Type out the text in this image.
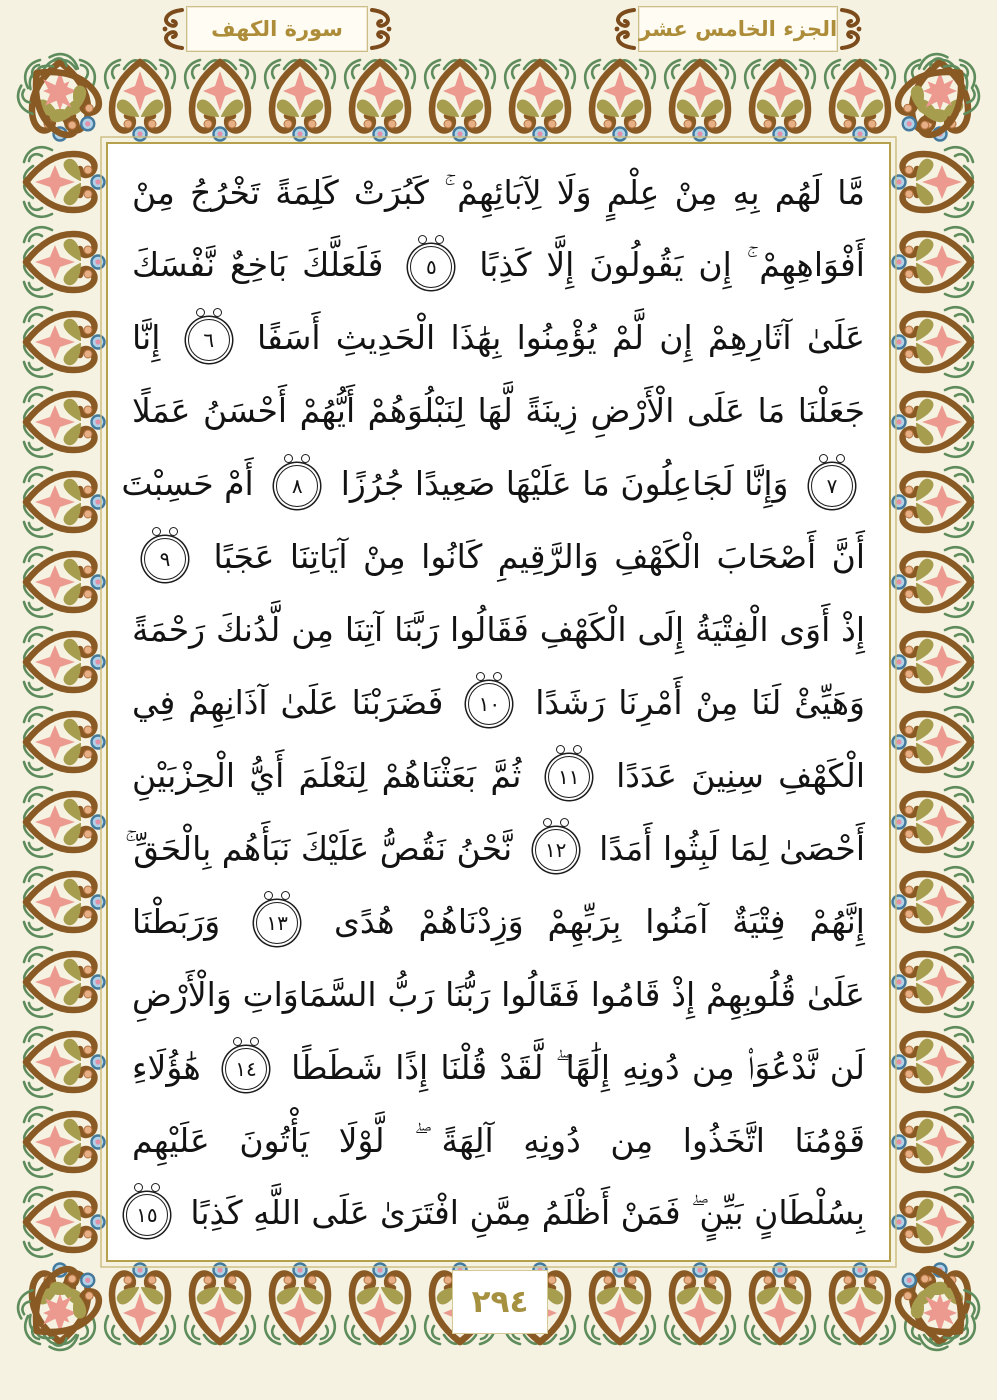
سورة الكهف	الجزء الخامس عشر
مَّا لَهُم بِهِ مِنْ عِلْمٍ وَلَا لِآبَائِهِمْ ۚ كَبُرَتْ كَلِمَةً تَخْرُجُ مِنْ
أَفْوَاهِهِمْ ۚ إِن يَقُولُونَ إِلَّا كَذِبًا ٥ فَلَعَلَّكَ بَاخِعٌ نَّفْسَكَ
عَلَىٰ آثَارِهِمْ إِن لَّمْ يُؤْمِنُوا بِهَٰذَا الْحَدِيثِ أَسَفًا ٦ إِنَّا
جَعَلْنَا مَا عَلَى الْأَرْضِ زِينَةً لَّهَا لِنَبْلُوَهُمْ أَيُّهُمْ أَحْسَنُ عَمَلًا
٧ وَإِنَّا لَجَاعِلُونَ مَا عَلَيْهَا صَعِيدًا جُرُزًا ٨ أَمْ حَسِبْتَ
أَنَّ أَصْحَابَ الْكَهْفِ وَالرَّقِيمِ كَانُوا مِنْ آيَاتِنَا عَجَبًا ٩
إِذْ أَوَى الْفِتْيَةُ إِلَى الْكَهْفِ فَقَالُوا رَبَّنَا آتِنَا مِن لَّدُنكَ رَحْمَةً
وَهَيِّئْ لَنَا مِنْ أَمْرِنَا رَشَدًا ١٠ فَضَرَبْنَا عَلَىٰ آذَانِهِمْ فِي
الْكَهْفِ سِنِينَ عَدَدًا ١١ ثُمَّ بَعَثْنَاهُمْ لِنَعْلَمَ أَيُّ الْحِزْبَيْنِ
أَحْصَىٰ لِمَا لَبِثُوا أَمَدًا ١٢ نَّحْنُ نَقُصُّ عَلَيْكَ نَبَأَهُم بِالْحَقِّ ۚ
إِنَّهُمْ فِتْيَةٌ آمَنُوا بِرَبِّهِمْ وَزِدْنَاهُمْ هُدًى ١٣ وَرَبَطْنَا
عَلَىٰ قُلُوبِهِمْ إِذْ قَامُوا فَقَالُوا رَبُّنَا رَبُّ السَّمَاوَاتِ وَالْأَرْضِ
لَن نَّدْعُوَا۟ مِن دُونِهِ إِلَٰهًا ۖ لَّقَدْ قُلْنَا إِذًا شَطَطًا ١٤ هَٰؤُلَاءِ
قَوْمُنَا اتَّخَذُوا مِن دُونِهِ آلِهَةً ۖ لَّوْلَا يَأْتُونَ عَلَيْهِم
بِسُلْطَانٍ بَيِّنٍ ۖ فَمَنْ أَظْلَمُ مِمَّنِ افْتَرَىٰ عَلَى اللَّهِ كَذِبًا ١٥
٢٩٤
